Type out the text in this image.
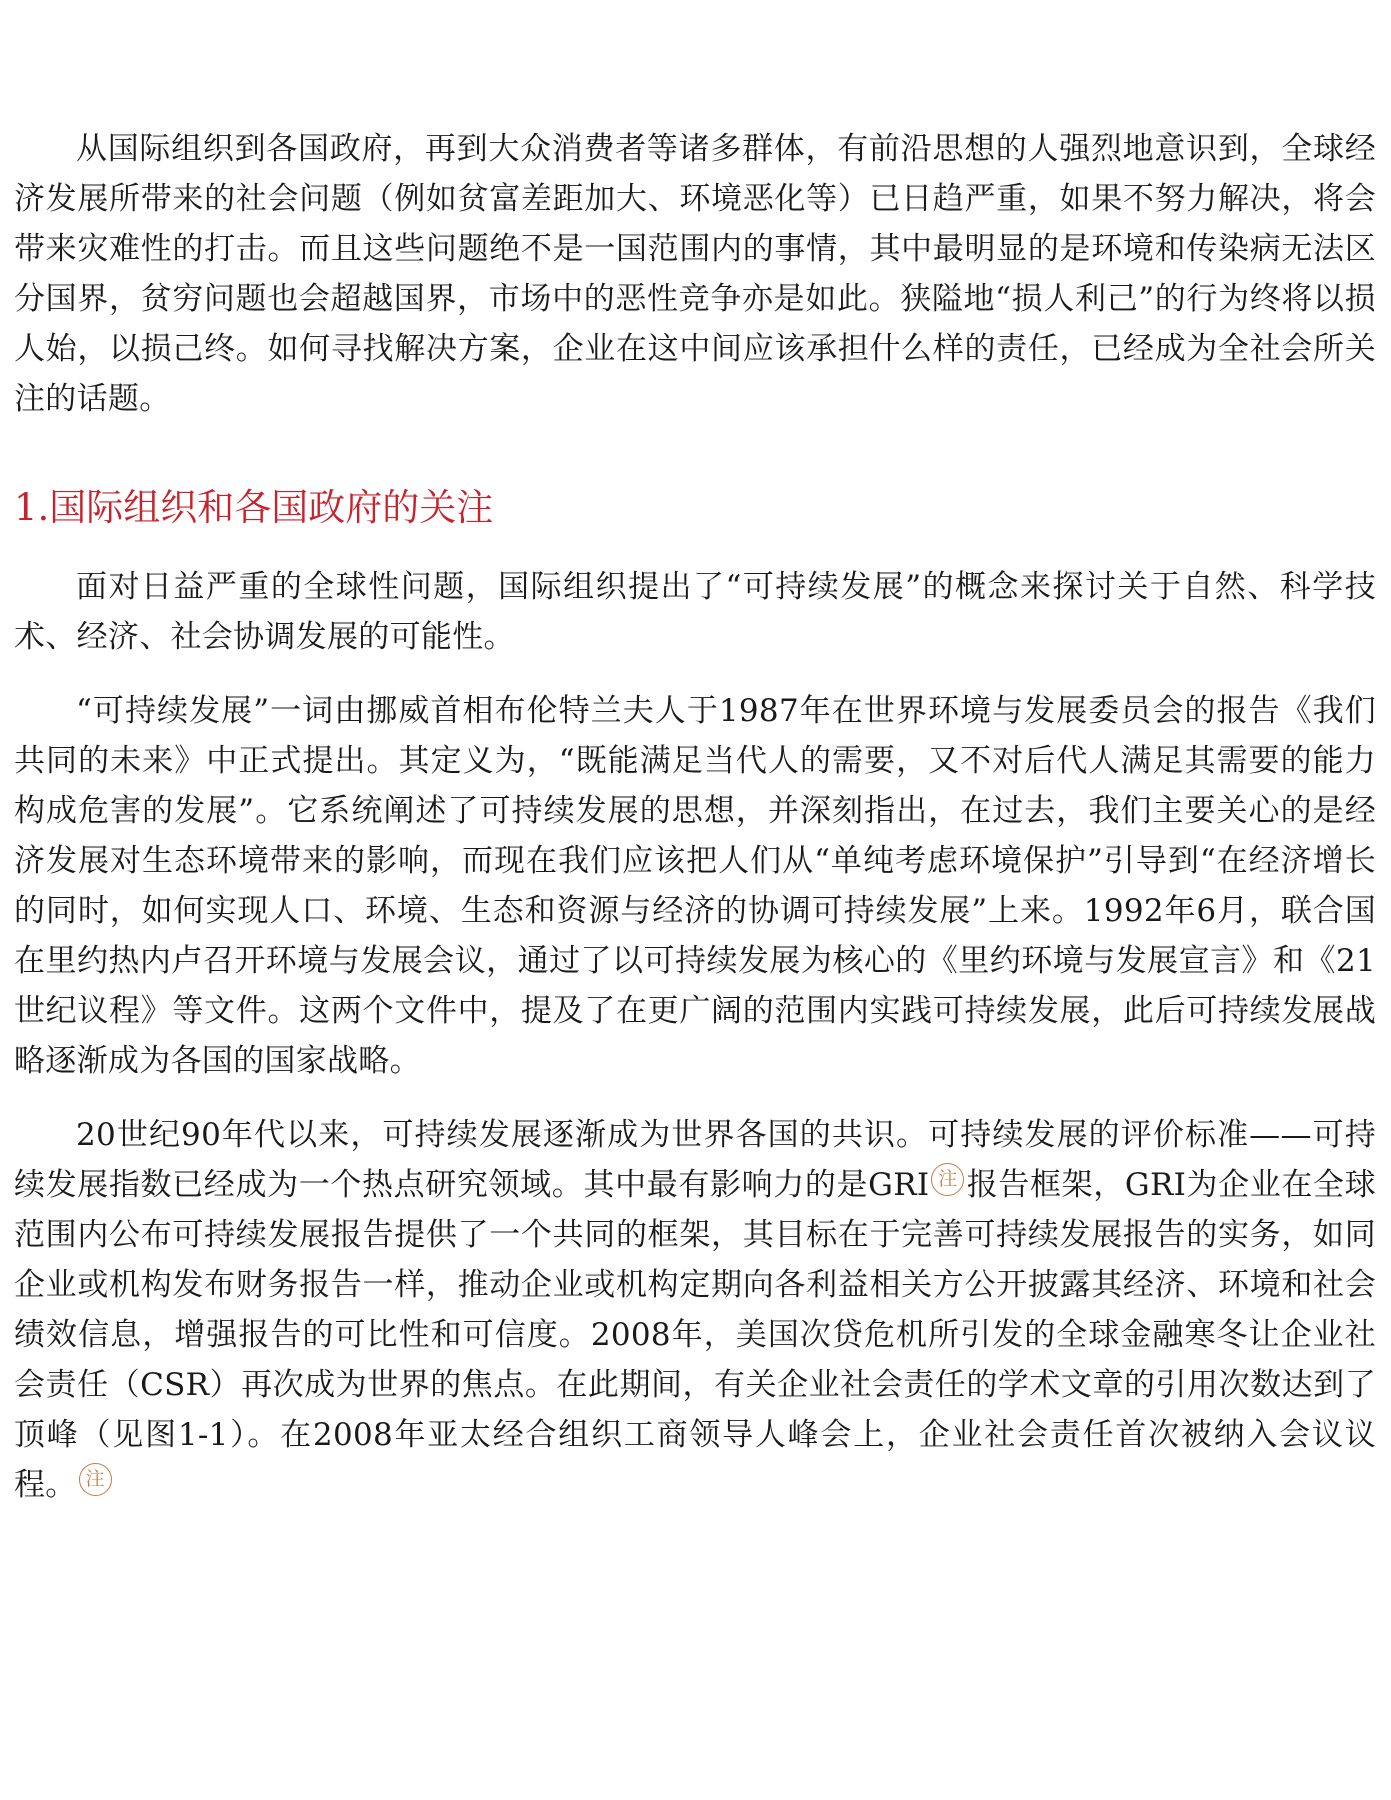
从国际组织到各国政府，再到大众消费者等诸多群体，有前沿思想的人强烈地意识到，全球经济发展所带来的社会问题（例如贫富差距加大、环境恶化等）已日趋严重，如果不努力解决，将会带来灾难性的打击。而且这些问题绝不是一国范围内的事情，其中最明显的是环境和传染病无法区分国界，贫穷问题也会超越国界，市场中的恶性竞争亦是如此。狭隘地“损人利己”的行为终将以损人始，以损己终。如何寻找解决方案，企业在这中间应该承担什么样的责任，已经成为全社会所关注的话题。

1.国际组织和各国政府的关注

面对日益严重的全球性问题，国际组织提出了“可持续发展”的概念来探讨关于自然、科学技术、经济、社会协调发展的可能性。

“可持续发展”一词由挪威首相布伦特兰夫人于1987年在世界环境与发展委员会的报告《我们共同的未来》中正式提出。其定义为，“既能满足当代人的需要，又不对后代人满足其需要的能力构成危害的发展”。它系统阐述了可持续发展的思想，并深刻指出，在过去，我们主要关心的是经济发展对生态环境带来的影响，而现在我们应该把人们从“单纯考虑环境保护”引导到“在经济增长的同时，如何实现人口、环境、生态和资源与经济的协调可持续发展”上来。1992年6月，联合国在里约热内卢召开环境与发展会议，通过了以可持续发展为核心的《里约环境与发展宣言》和《21世纪议程》等文件。这两个文件中，提及了在更广阔的范围内实践可持续发展，此后可持续发展战略逐渐成为各国的国家战略。

20世纪90年代以来，可持续发展逐渐成为世界各国的共识。可持续发展的评价标准——可持续发展指数已经成为一个热点研究领域。其中最有影响力的是GRI 注 报告框架，GRI为企业在全球范围内公布可持续发展报告提供了一个共同的框架，其目标在于完善可持续发展报告的实务，如同企业或机构发布财务报告一样，推动企业或机构定期向各利益相关方公开披露其经济、环境和社会绩效信息，增强报告的可比性和可信度。2008年，美国次贷危机所引发的全球金融寒冬让企业社会责任（CSR）再次成为世界的焦点。在此期间，有关企业社会责任的学术文章的引用次数达到了顶峰（见图1-1）。在2008年亚太经合组织工商领导人峰会上，企业社会责任首次被纳入会议议程。 注
